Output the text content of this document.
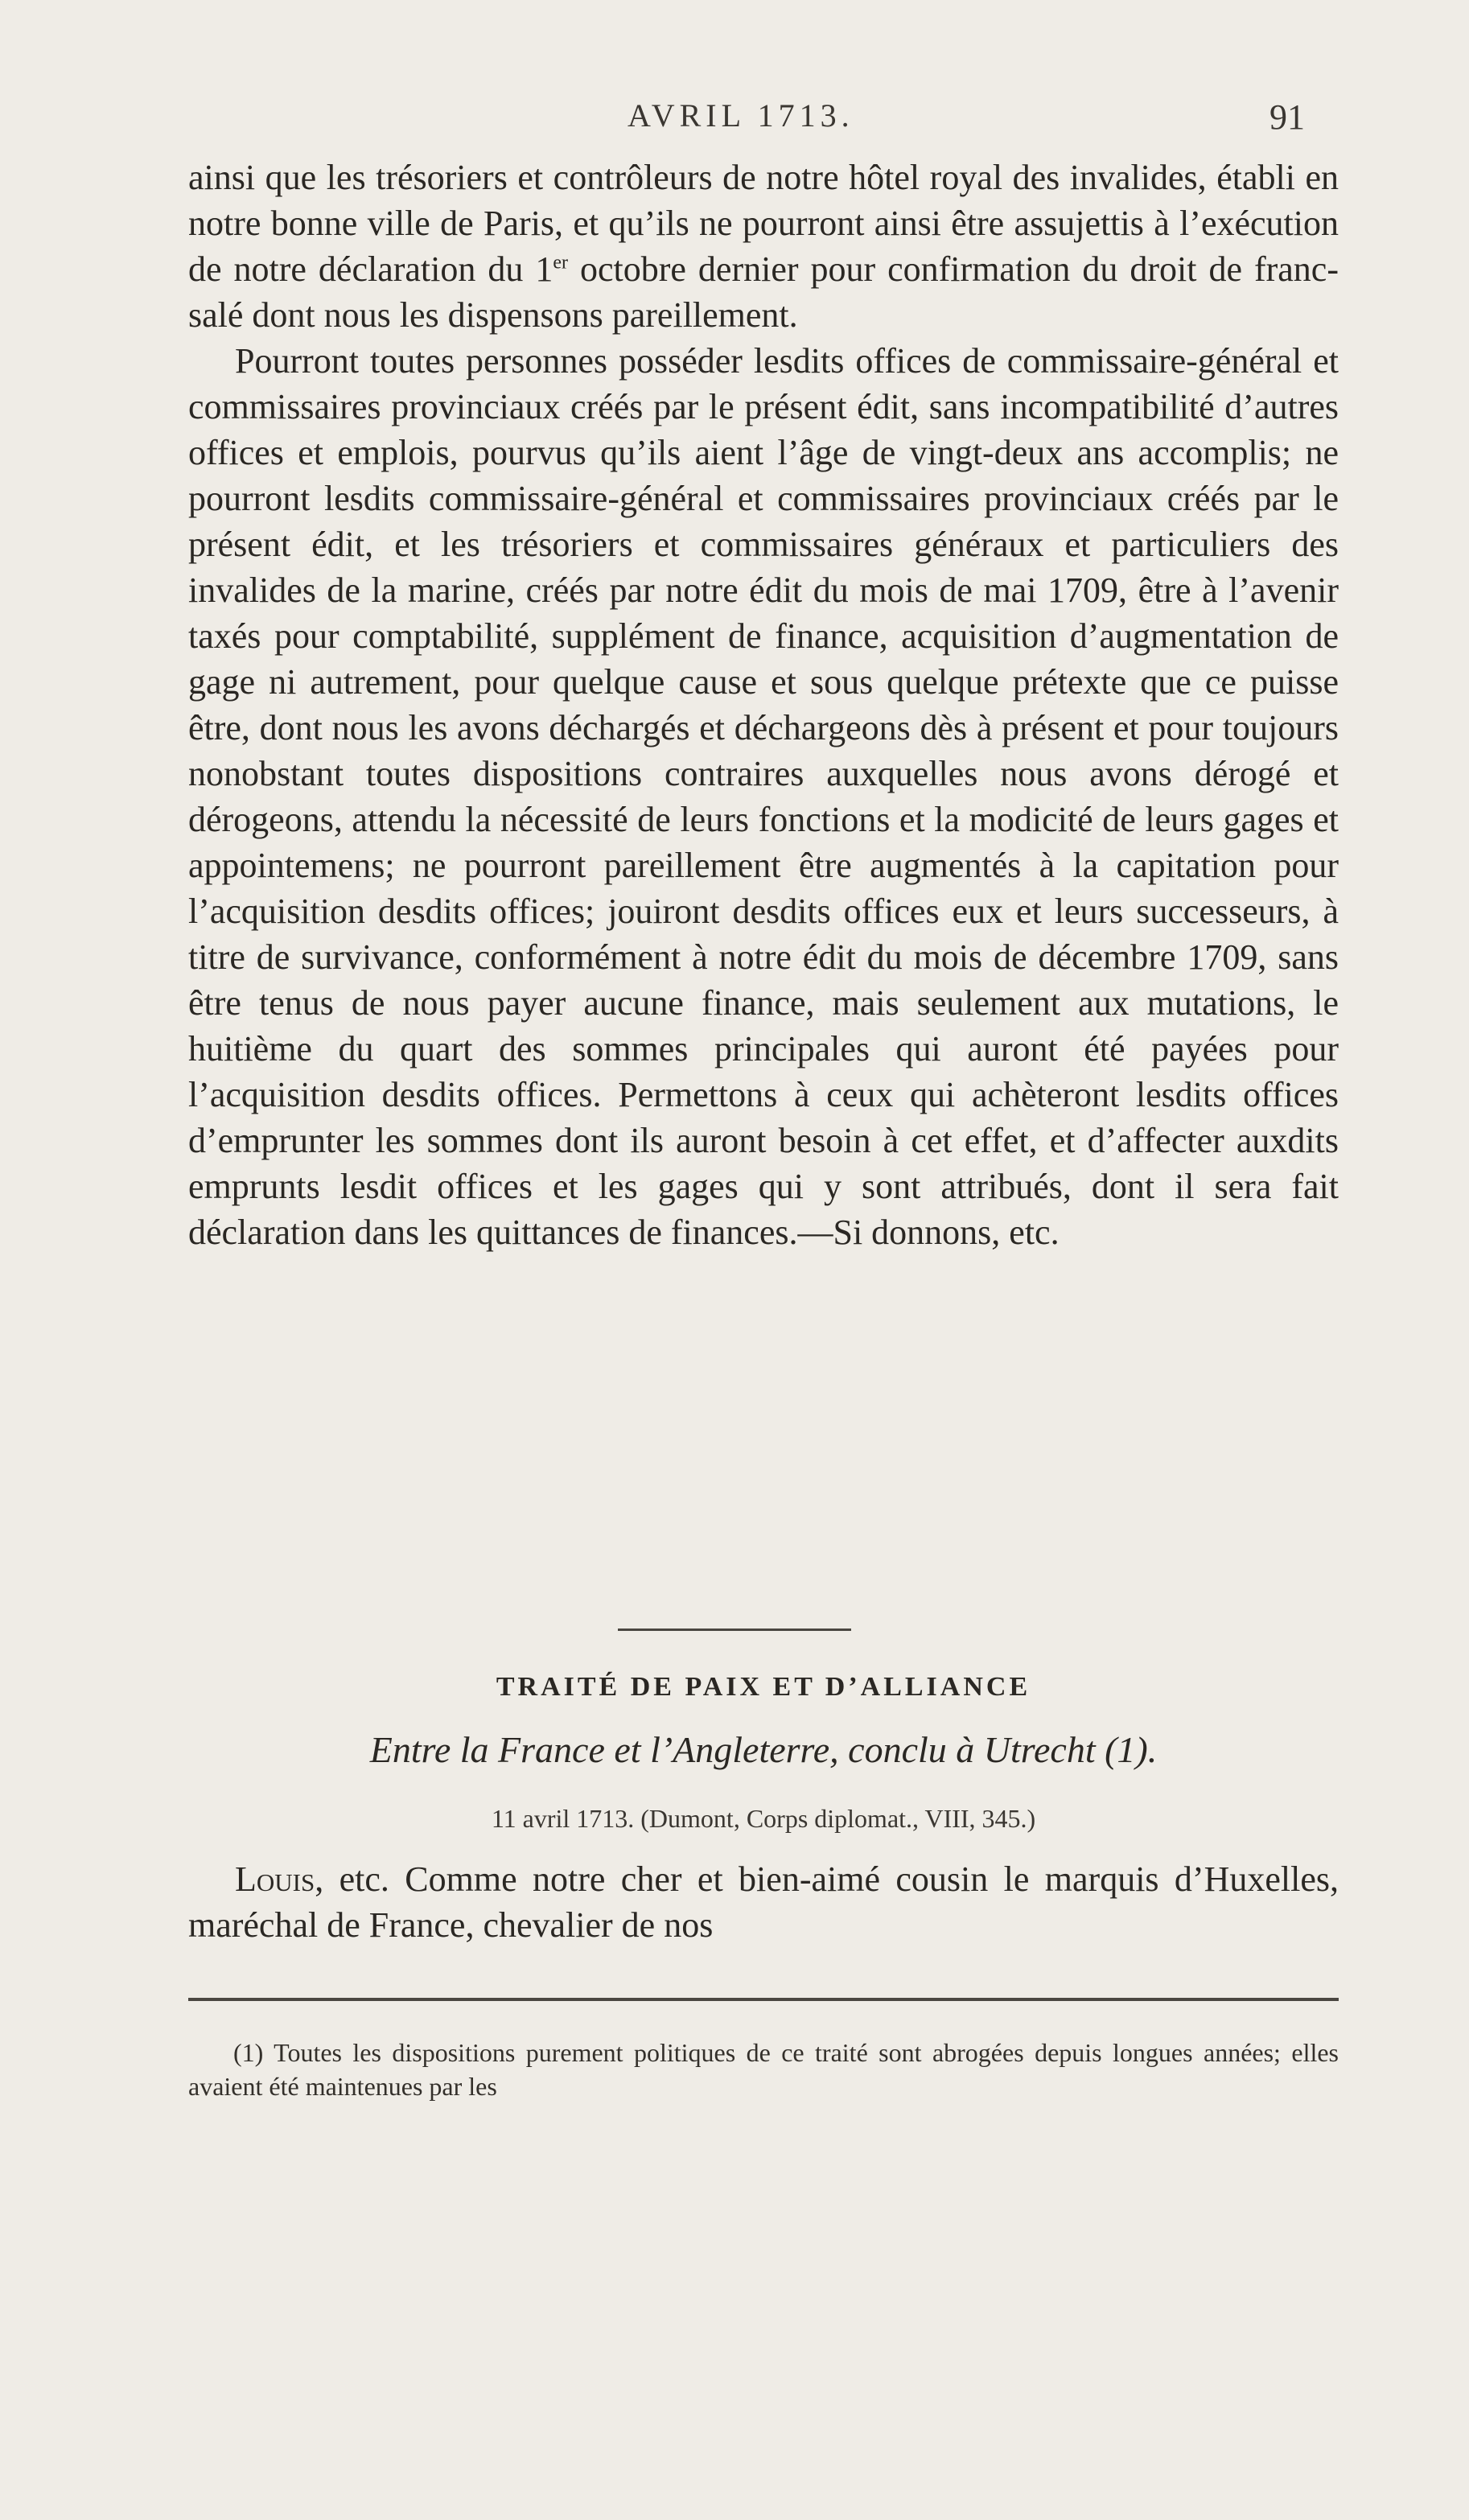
AVRIL 1713.	91

ainsi que les trésoriers et contrôleurs de notre hôtel royal des invalides, établi en notre bonne ville de Paris, et qu’ils ne pourront ainsi être assujettis à l’exécution de notre déclaration du 1er octobre dernier pour confirmation du droit de franc-salé dont nous les dispensons pareillement.

Pourront toutes personnes posséder lesdits offices de commissaire-général et commissaires provinciaux créés par le présent édit, sans incompatibilité d’autres offices et emplois, pourvus qu’ils aient l’âge de vingt-deux ans accomplis; ne pourront lesdits commissaire-général et commissaires provinciaux créés par le présent édit, et les trésoriers et commissaires généraux et particuliers des invalides de la marine, créés par notre édit du mois de mai 1709, être à l’avenir taxés pour comptabilité, supplément de finance, acquisition d’augmentation de gage ni autrement, pour quelque cause et sous quelque prétexte que ce puisse être, dont nous les avons déchargés et déchargeons dès à présent et pour toujours nonobstant toutes dispositions contraires auxquelles nous avons dérogé et dérogeons, attendu la nécessité de leurs fonctions et la modicité de leurs gages et appointemens; ne pourront pareillement être augmentés à la capitation pour l’acquisition desdits offices; jouiront desdits offices eux et leurs successeurs, à titre de survivance, conformément à notre édit du mois de décembre 1709, sans être tenus de nous payer aucune finance, mais seulement aux mutations, le huitième du quart des sommes principales qui auront été payées pour l’acquisition desdits offices. Permettons à ceux qui achèteront lesdits offices d’emprunter les sommes dont ils auront besoin à cet effet, et d’affecter auxdits emprunts lesdit offices et les gages qui y sont attribués, dont il sera fait déclaration dans les quittances de finances.—Si donnons, etc.

TRAITÉ DE PAIX ET D’ALLIANCE
Entre la France et l’Angleterre, conclu à Utrecht (1).
11 avril 1713. (Dumont, Corps diplomat., VIII, 345.)

Louis, etc. Comme notre cher et bien-aimé cousin le marquis d’Huxelles, maréchal de France, chevalier de nos

(1) Toutes les dispositions purement politiques de ce traité sont abrogées depuis longues années; elles avaient été maintenues par les
